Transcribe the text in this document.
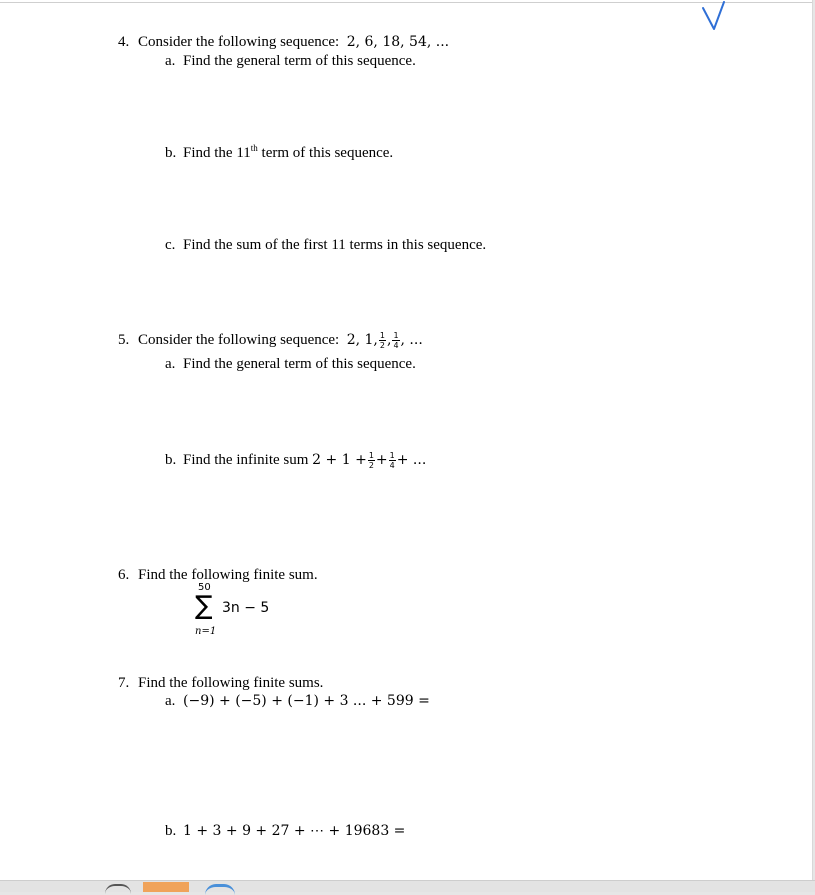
4. Consider the following sequence: 2, 6, 18, 54, ...
a. Find the general term of this sequence.
b. Find the 11th term of this sequence.
c. Find the sum of the first 11 terms in this sequence.
5. Consider the following sequence: 2, 1, $\frac{1}{2}$ , $\frac{1}{4}$ , ...
a. Find the general term of this sequence.
b. Find the infinite sum $2 + 1 + \frac{1}{2} + \frac{1}{4}$ + ...
6. Find the following finite sum.
50
∑ 3n − 5
n=1
7. Find the following finite sums.
a. (−9) + (−5) + (−1) + 3 ... + 599 =
b. 1 + 3 + 9 + 27 + ⋯ + 19683 =
